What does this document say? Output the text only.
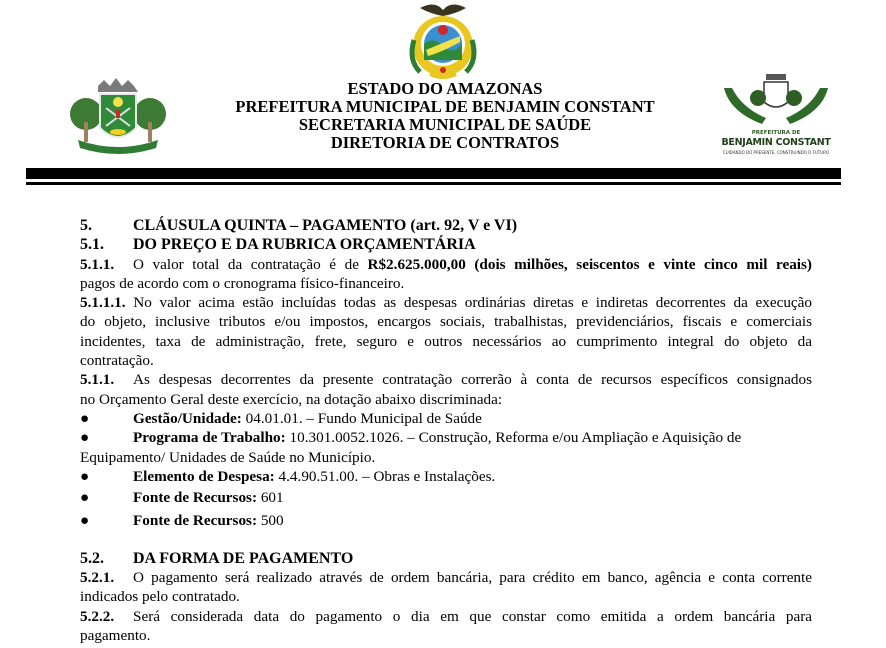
PREFEITURA DE
BENJAMIN CONSTANT
CUIDANDO DO PRESENTE, CONSTRUINDO O FUTURO
ESTADO DO AMAZONAS
PREFEITURA MUNICIPAL DE BENJAMIN CONSTANT
SECRETARIA MUNICIPAL DE SAÚDE
DIRETORIA DE CONTRATOS
5.	CLÁUSULA QUINTA – PAGAMENTO (art. 92, V e VI)
5.1. DO PREÇO E DA RUBRICA ORÇAMENTÁRIA
5.1.1. O valor total da contratação é de R$2.625.000,00 (dois milhões, seiscentos e vinte cinco mil reais)
pagos de acordo com o cronograma físico-financeiro.
5.1.1.1. No valor acima estão incluídas todas as despesas ordinárias diretas e indiretas decorrentes da execução
do objeto, inclusive tributos e/ou impostos, encargos sociais, trabalhistas, previdenciários, fiscais e comerciais
incidentes, taxa de administração, frete, seguro e outros necessários ao cumprimento integral do objeto da
contratação.
5.1.1. As despesas decorrentes da presente contratação correrão à conta de recursos específicos consignados
no Orçamento Geral deste exercício, na dotação abaixo discriminada:
●	Gestão/Unidade: 04.01.01. – Fundo Municipal de Saúde
●	Programa de Trabalho: 10.301.0052.1026. – Construção, Reforma e/ou Ampliação e Aquisição de
Equipamento/ Unidades de Saúde no Município.
●	Elemento de Despesa: 4.4.90.51.00. – Obras e Instalações.
●	Fonte de Recursos: 601
●	Fonte de Recursos: 500
5.2. DA FORMA DE PAGAMENTO
5.2.1. O pagamento será realizado através de ordem bancária, para crédito em banco, agência e conta corrente
indicados pelo contratado.
5.2.2. Será considerada data do pagamento o dia em que constar como emitida a ordem bancária para
pagamento.
